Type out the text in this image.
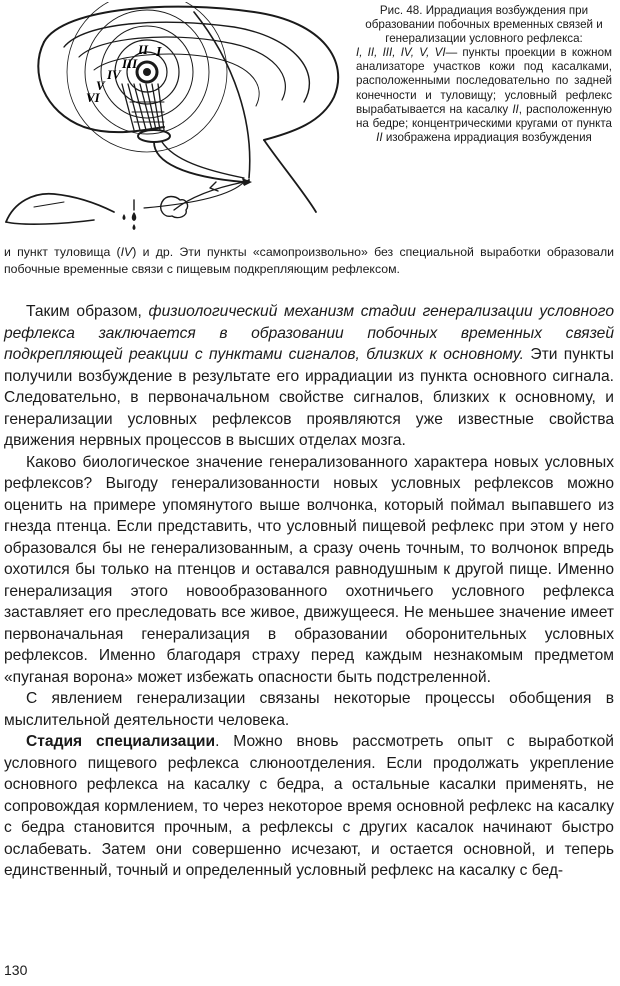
I
II
III
IV
V
VI
Рис. 48. Иррадиация возбуждения при образовании побочных временных связей и генерализации условного рефлекса:
I, II, III, IV, V, VI— пункты проекции в кожном анализаторе участков кожи под касалками, расположенными последовательно по задней конечности и туловищу; условный рефлекс вырабатывается на касалку II, расположенную на бедре; концентрическими кругами от пункта II изображена иррадиация возбуждения
и пункт туловища (IV) и др. Эти пункты «самопроизвольно» без специальной выработки образовали побочные временные связи с пищевым подкрепляющим рефлексом.

Таким образом, физиологический механизм стадии генерализации условного рефлекса заключается в образовании побочных временных связей подкрепляющей реакции с пунктами сигналов, близких к основному. Эти пункты получили возбуждение в результате его иррадиации из пункта основного сигнала. Следовательно, в первоначальном свойстве сигналов, близких к основному, и генерализации условных рефлексов проявляются уже известные свойства движения нервных процессов в высших отделах мозга.

Каково биологическое значение генерализованного характера новых условных рефлексов? Выгоду генерализованности новых условных рефлексов можно оценить на примере упомянутого выше волчонка, который поймал выпавшего из гнезда птенца. Если представить, что условный пищевой рефлекс при этом у него образовался бы не генерализованным, а сразу очень точным, то волчонок впредь охотился бы только на птенцов и оставался равнодушным к другой пище. Именно генерализация этого новообразованного охотничьего условного рефлекса заставляет его преследовать все живое, движущееся. Не меньшее значение имеет первоначальная генерализация в образовании оборонительных условных рефлексов. Именно благодаря страху перед каждым незнакомым предметом «пуганая ворона» может избежать опасности быть подстреленной.

С явлением генерализации связаны некоторые процессы обобщения в мыслительной деятельности человека.

Стадия специализации. Можно вновь рассмотреть опыт с выработкой условного пищевого рефлекса слюноотделения. Если продолжать укрепление основного рефлекса на касалку с бедра, а остальные касалки применять, не сопровождая кормлением, то через некоторое время основной рефлекс на касалку с бедра становится прочным, а рефлексы с других касалок начинают быстро ослабевать. Затем они совершенно исчезают, и остается основной, и теперь единственный, точный и определенный условный рефлекс на касалку с бед-

130
